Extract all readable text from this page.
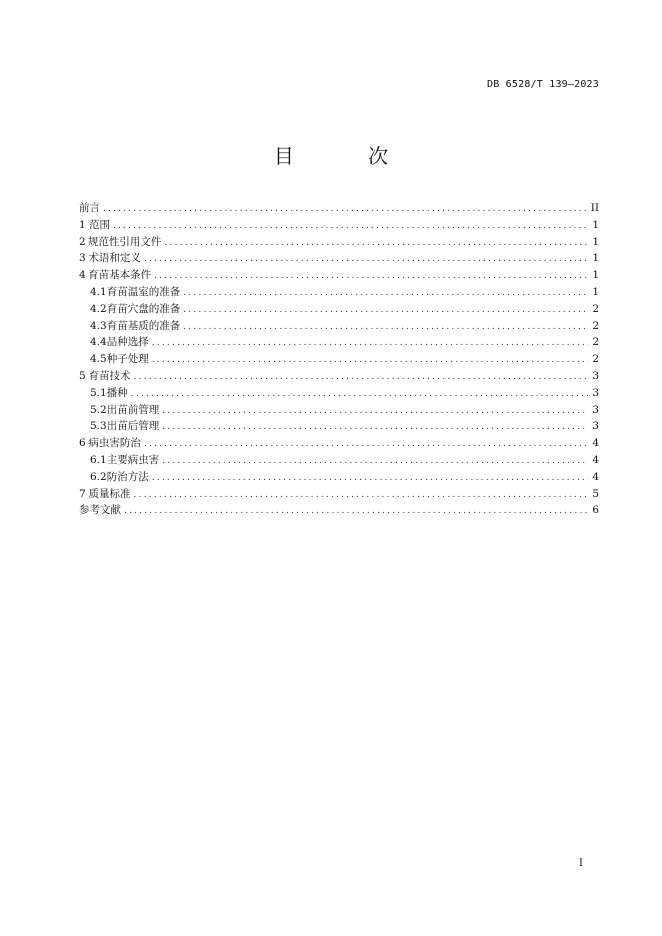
DB 6528/T 139—2023
目 次
前言 .....	II
1 范围 .....	1
2 规范性引用文件 .....	1
3 术语和定义 .....	1
4 育苗基本条件 .....	1
4.1 育苗温室的准备 .....	1
4.2 育苗穴盘的准备 .....	2
4.3 育苗基质的准备 .....	2
4.4 品种选择 .....	2
4.5 种子处理 .....	2
5 育苗技术 .....	3
5.1 播种 .....	3
5.2 出苗前管理 .....	3
5.3 出苗后管理 .....	3
6 病虫害防治 .....	4
6.1 主要病虫害 .....	4
6.2 防治方法 .....	4
7 质量标准 .....	5
参考文献 .....	6
I
